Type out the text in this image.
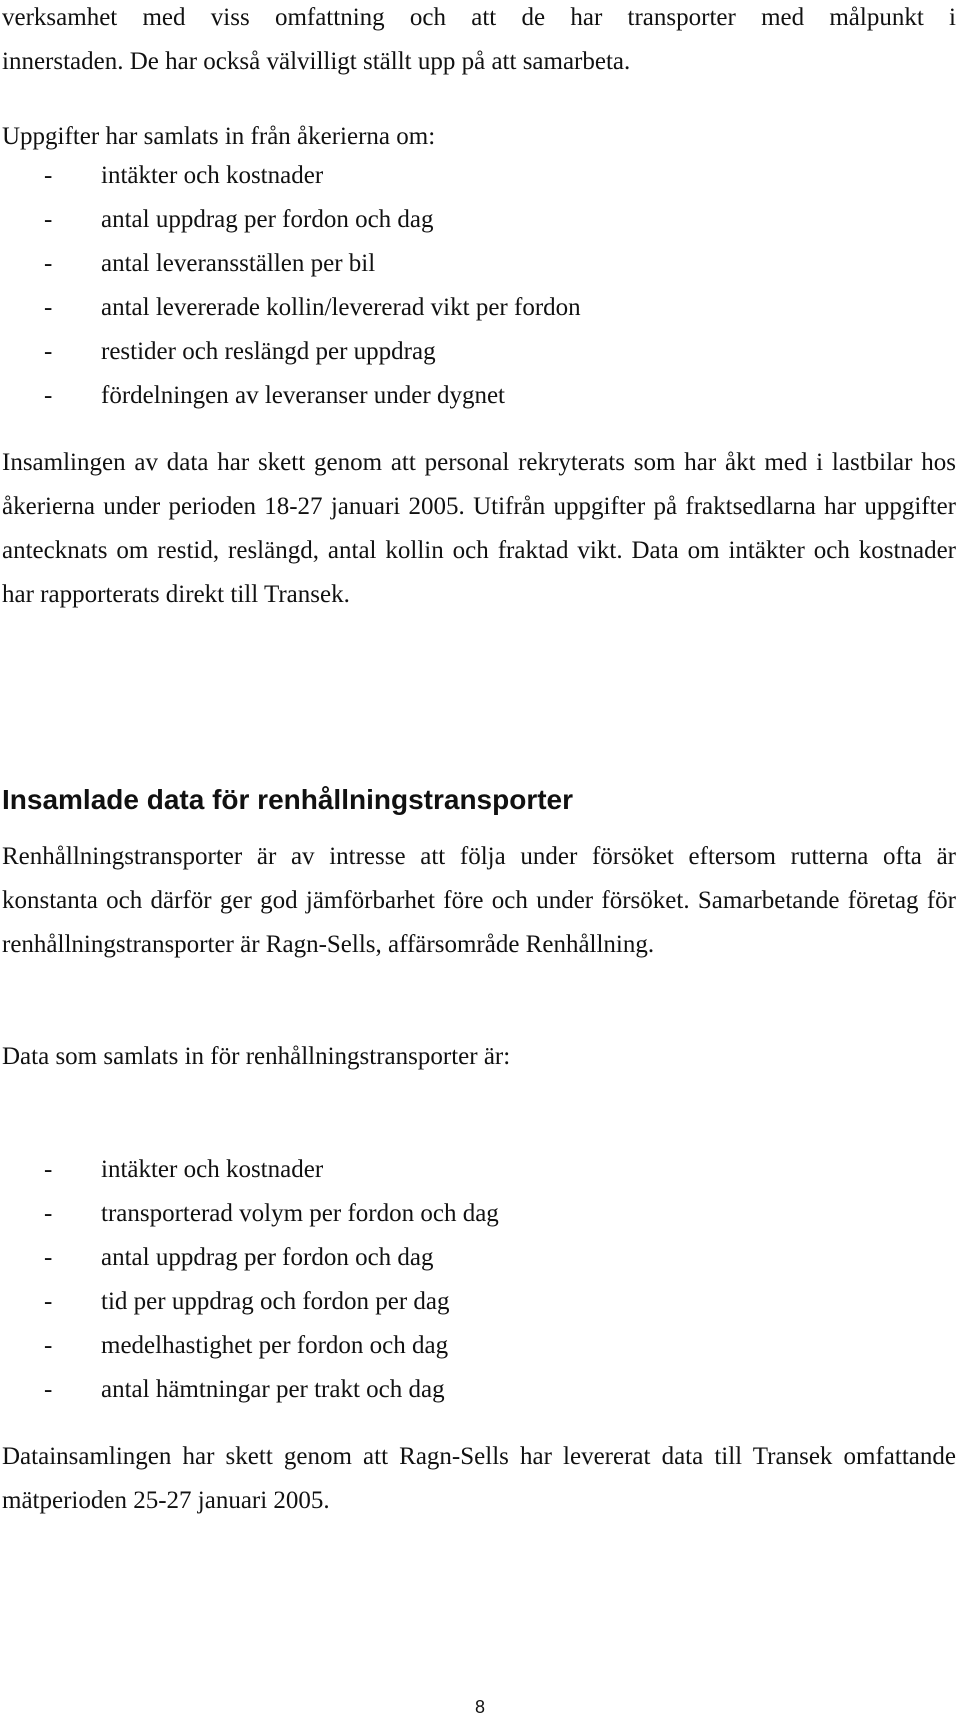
verksamhet med viss omfattning och att de har transporter med målpunkt i

innerstaden. De har också välvilligt ställt upp på att samarbeta.

Uppgifter har samlats in från åkerierna om:

- intäkter och kostnader
- antal uppdrag per fordon och dag
- antal leveransställen per bil
- antal levererade kollin/levererad vikt per fordon
- restider och reslängd per uppdrag
- fördelningen av leveranser under dygnet

Insamlingen av data har skett genom att personal rekryterats som har åkt med i lastbilar hos åkerierna under perioden 18-27 januari 2005. Utifrån uppgifter på fraktsedlarna har uppgifter antecknats om restid, reslängd, antal kollin och fraktad vikt. Data om intäkter och kostnader har rapporterats direkt till Transek.

Insamlade data för renhållningstransporter

Renhållningstransporter är av intresse att följa under försöket eftersom rutterna ofta är konstanta och därför ger god jämförbarhet före och under försöket. Samarbetande företag för renhållningstransporter är Ragn-Sells, affärsområde Renhållning.

Data som samlats in för renhållningstransporter är:

- intäkter och kostnader
- transporterad volym per fordon och dag
- antal uppdrag per fordon och dag
- tid per uppdrag och fordon per dag
- medelhastighet per fordon och dag
- antal hämtningar per trakt och dag

Datainsamlingen har skett genom att Ragn-Sells har levererat data till Transek omfattande mätperioden 25-27 januari 2005.

8
